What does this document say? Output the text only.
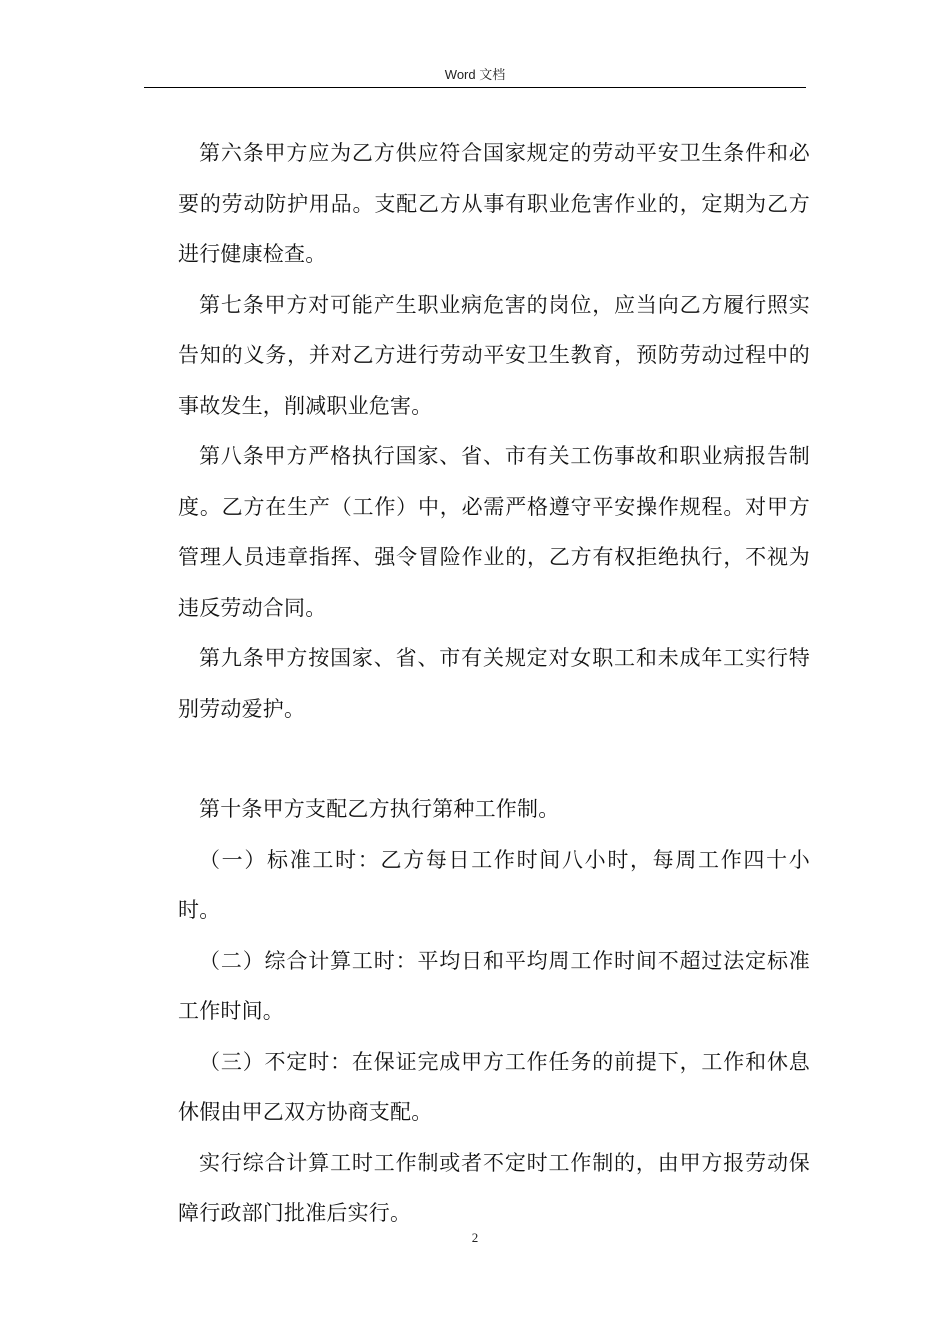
Word 文档

第六条甲方应为乙方供应符合国家规定的劳动平安卫生条件和必要的劳动防护用品。支配乙方从事有职业危害作业的，定期为乙方进行健康检查。

第七条甲方对可能产生职业病危害的岗位，应当向乙方履行照实告知的义务，并对乙方进行劳动平安卫生教育，预防劳动过程中的事故发生，削减职业危害。

第八条甲方严格执行国家、省、市有关工伤事故和职业病报告制度。乙方在生产（工作）中，必需严格遵守平安操作规程。对甲方管理人员违章指挥、强令冒险作业的，乙方有权拒绝执行，不视为违反劳动合同。

第九条甲方按国家、省、市有关规定对女职工和未成年工实行特别劳动爱护。

第十条甲方支配乙方执行第种工作制。

（一）标准工时：乙方每日工作时间八小时，每周工作四十小时。

（二）综合计算工时：平均日和平均周工作时间不超过法定标准工作时间。

（三）不定时：在保证完成甲方工作任务的前提下，工作和休息休假由甲乙双方协商支配。

实行综合计算工时工作制或者不定时工作制的，由甲方报劳动保障行政部门批准后实行。

2
